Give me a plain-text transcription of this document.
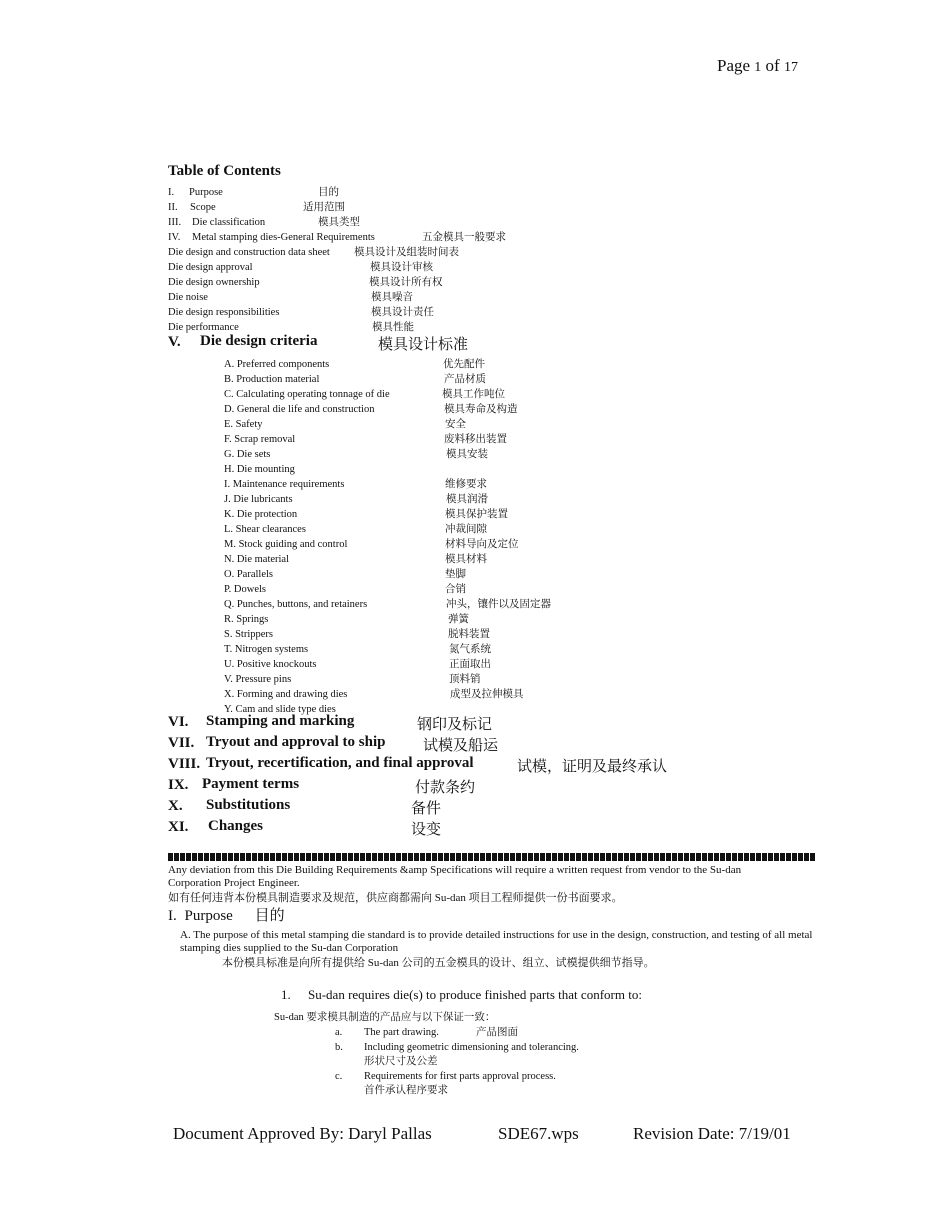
Page 1 of 17
Table of Contents
I. Purpose	目的
II. Scope	适用范围
III. Die classification	模具类型
IV. Metal stamping dies-General Requirements	五金模具一般要求
Die design and construction data sheet 模具设计及组装时间表
Die design approval	模具设计审核
Die design ownership	模具设计所有权
Die noise	模具噪音
Die design responsibilities	模具设计责任
Die performance	模具性能
V. Die design criteria	模具设计标准
A. Preferred components	优先配件
B. Production material	产品材质
C. Calculating operating tonnage of die	模具工作吨位
D. General die life and construction	模具寿命及构造
E. Safety	安全
F. Scrap removal	废料移出装置
G. Die sets	模具安装
H. Die mounting
I. Maintenance requirements	维修要求
J. Die lubricants	模具润滑
K. Die protection	模具保护装置
L. Shear clearances	冲裁间隙
M. Stock guiding and control	材料导向及定位
N. Die material	模具材料
O. Parallels	垫脚
P. Dowels	合销
Q. Punches, buttons, and retainers	冲头，镶件以及固定器
R. Springs	弹簧
S. Strippers	脱料装置
T. Nitrogen systems	氮气系统
U. Positive knockouts	正面取出
V. Pressure pins	顶料销
X. Forming and drawing dies	成型及拉伸模具
Y. Cam and slide type dies
VI. Stamping and marking	钢印及标记
VII. Tryout and approval to ship	试模及船运
VIII. Tryout, recertification, and final approval	试模，证明及最终承认
IX. Payment terms	付款条约
X. Substitutions	备件
XI. Changes	设变
Any deviation from this Die Building Requirements &amp Specifications will require a written request from vendor to the Su-dan Corporation Project Engineer.
如有任何违背本份模具制造要求及规范，供应商都需向 Su-dan 项目工程师提供一份书面要求。
I. Purpose 目的
A. The purpose of this metal stamping die standard is to provide detailed instructions for use in the design, construction, and testing of all metal stamping dies supplied to the Su-dan Corporation
本份模具标准是向所有提供给 Su-dan 公司的五金模具的设计、组立、试模提供细节指导。
1. Su-dan requires die(s) to produce finished parts that conform to:
Su-dan 要求模具制造的产品应与以下保证一致：
a. The part drawing.	产品图面
b. Including geometric dimensioning and tolerancing.
形状尺寸及公差
c. Requirements for first parts approval process.
首件承认程序要求
Document Approved By: Daryl Pallas	SDE67.wps	Revision Date: 7/19/01
